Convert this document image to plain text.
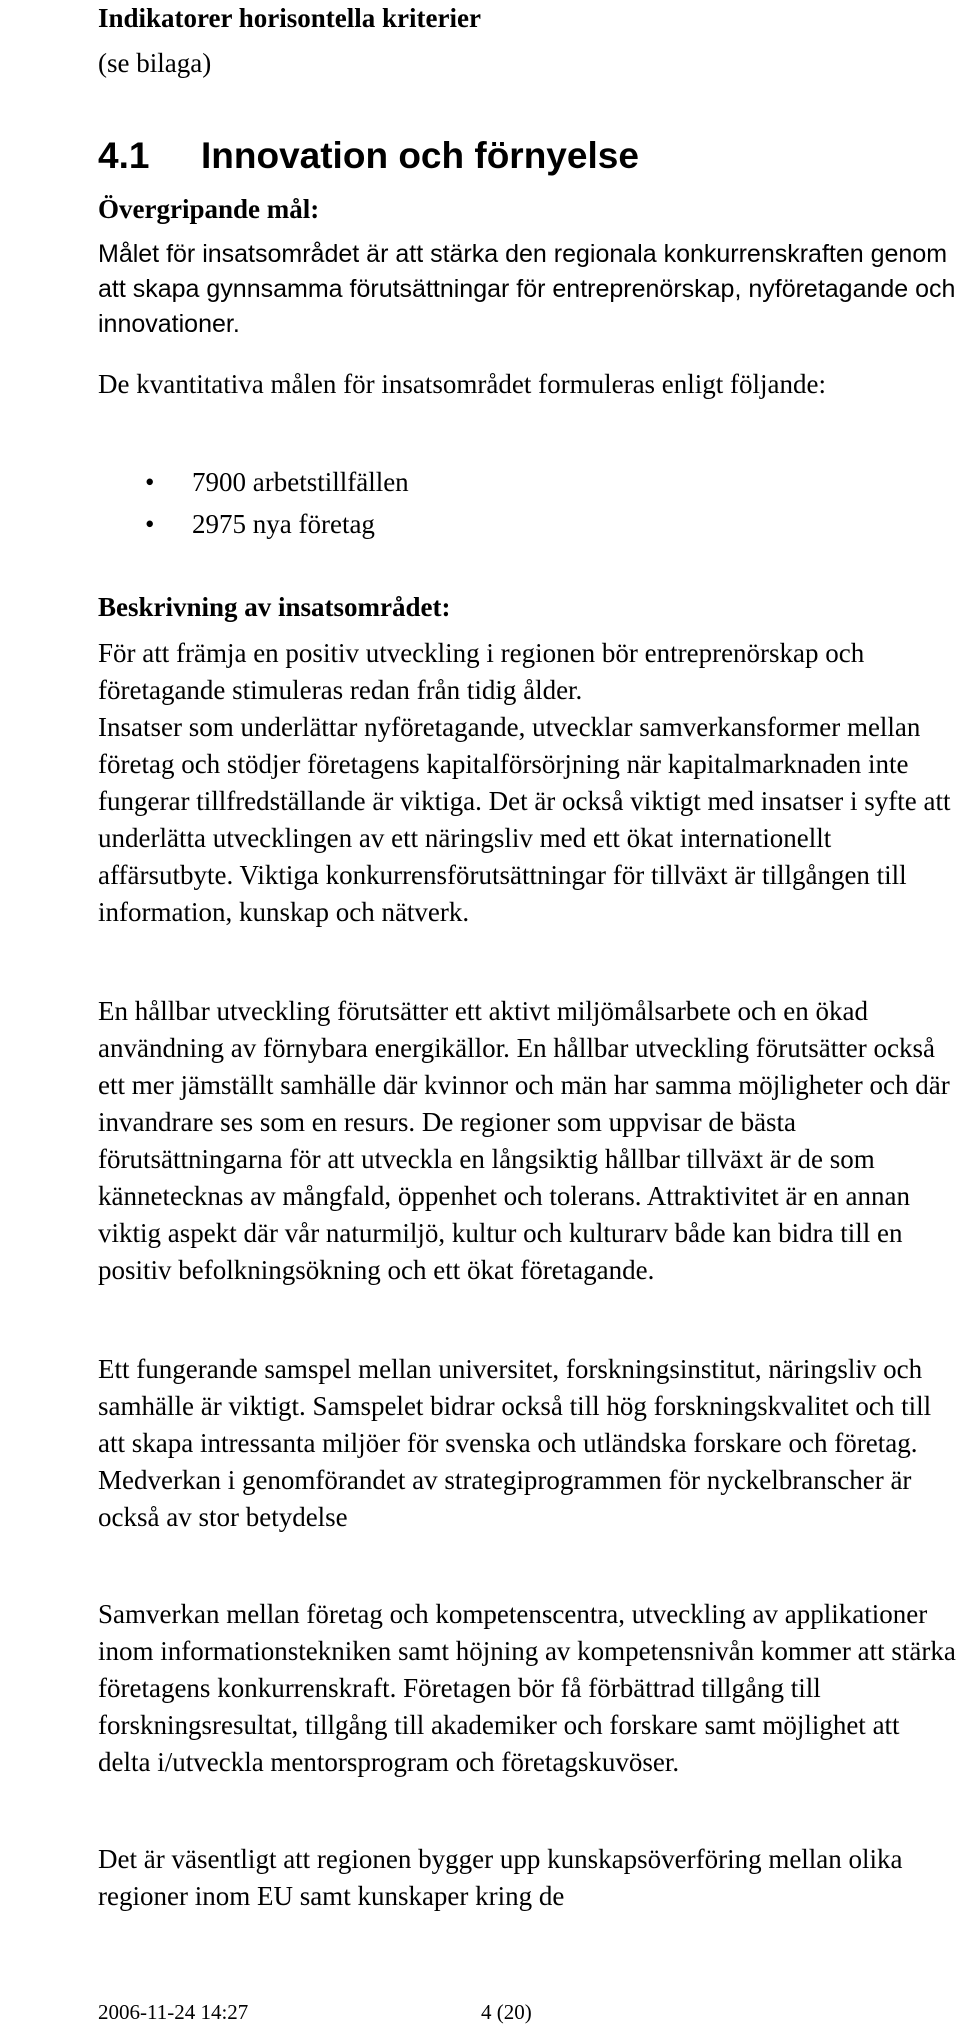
Indikatorer horisontella kriterier
(se bilaga)
4.1 Innovation och förnyelse
Övergripande mål:
Målet för insatsområdet är att stärka den regionala konkurrenskraften genom att skapa gynnsamma förutsättningar för entreprenörskap, nyföretagande och innovationer.
De kvantitativa målen för insatsområdet formuleras enligt följande:
• 7900 arbetstillfällen
• 2975 nya företag
Beskrivning av insatsområdet:
För att främja en positiv utveckling i regionen bör entreprenörskap och företagande stimuleras redan från tidig ålder.
Insatser som underlättar nyföretagande, utvecklar samverkansformer mellan företag och stödjer företagens kapitalförsörjning när kapitalmarknaden inte fungerar tillfredställande är viktiga. Det är också viktigt med insatser i syfte att underlätta utvecklingen av ett näringsliv med ett ökat internationellt affärsutbyte. Viktiga konkurrensförutsättningar för tillväxt är tillgången till information, kunskap och nätverk.
En hållbar utveckling förutsätter ett aktivt miljömålsarbete och en ökad användning av förnybara energikällor. En hållbar utveckling förutsätter också ett mer jämställt samhälle där kvinnor och män har samma möjligheter och där invandrare ses som en resurs. De regioner som uppvisar de bästa förutsättningarna för att utveckla en långsiktig hållbar tillväxt är de som kännetecknas av mångfald, öppenhet och tolerans. Attraktivitet är en annan viktig aspekt där vår naturmiljö, kultur och kulturarv både kan bidra till en positiv befolkningsökning och ett ökat företagande.
Ett fungerande samspel mellan universitet, forskningsinstitut, näringsliv och samhälle är viktigt. Samspelet bidrar också till hög forskningskvalitet och till att skapa intressanta miljöer för svenska och utländska forskare och företag. Medverkan i genomförandet av strategiprogrammen för nyckelbranscher är också av stor betydelse
Samverkan mellan företag och kompetenscentra, utveckling av applikationer inom informationstekniken samt höjning av kompetensnivån kommer att stärka företagens konkurrenskraft. Företagen bör få förbättrad tillgång till forskningsresultat, tillgång till akademiker och forskare samt möjlighet att delta i/utveckla mentorsprogram och företagskuvöser.
Det är väsentligt att regionen bygger upp kunskapsöverföring mellan olika regioner inom EU samt kunskaper kring de
2006-11-24 14:27	4 (20)
